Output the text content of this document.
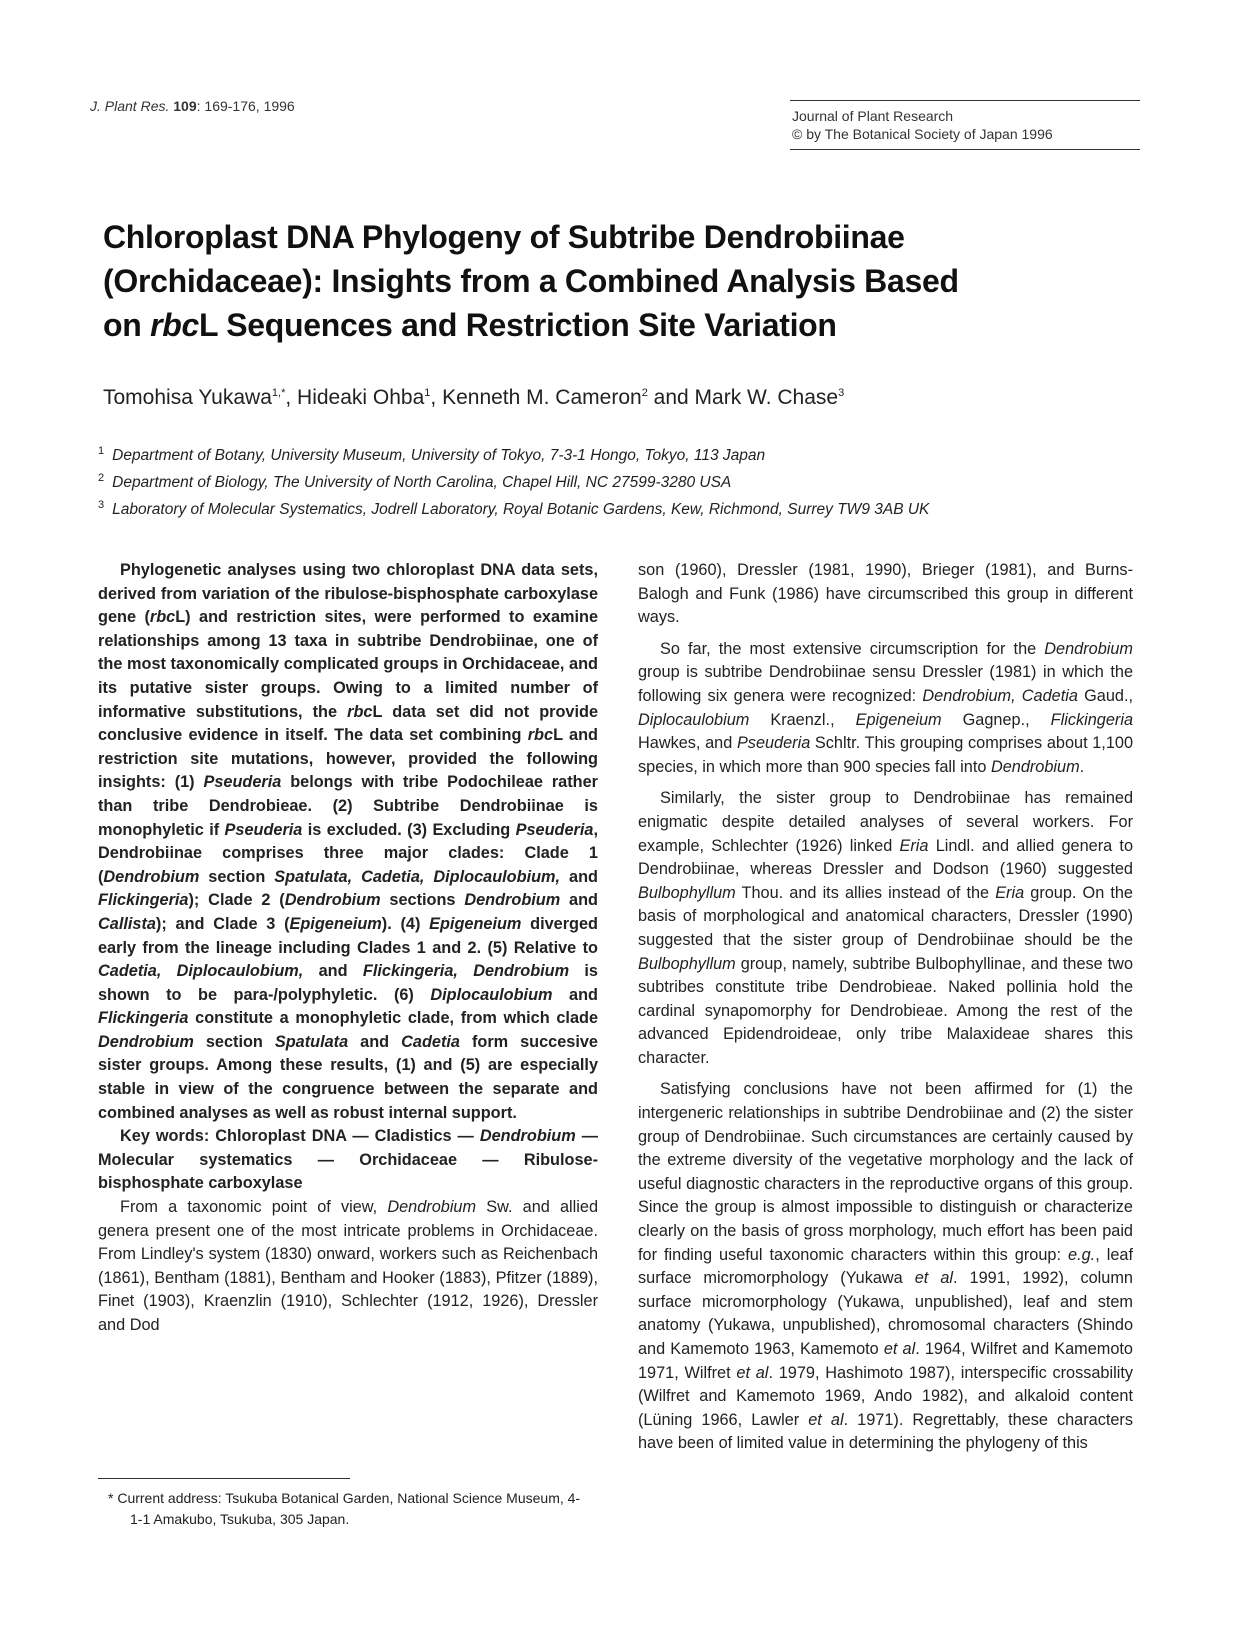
J. Plant Res. 109: 169-176, 1996
Journal of Plant Research
© by The Botanical Society of Japan 1996
Chloroplast DNA Phylogeny of Subtribe Dendrobiinae
(Orchidaceae): Insights from a Combined Analysis Based
on rbcL Sequences and Restriction Site Variation
Tomohisa Yukawa$^{1,*}$, Hideaki Ohba$^1$, Kenneth M. Cameron$^2$ and Mark W. Chase$^3$
$^1$ Department of Botany, University Museum, University of Tokyo, 7-3-1 Hongo, Tokyo, 113 Japan
$^2$ Department of Biology, The University of North Carolina, Chapel Hill, NC 27599-3280 USA
$^3$ Laboratory of Molecular Systematics, Jodrell Laboratory, Royal Botanic Gardens, Kew, Richmond, Surrey TW9 3AB UK

Phylogenetic analyses using two chloroplast DNA data sets, derived from variation of the ribulose-bisphosphate carboxylase gene (rbcL) and restriction sites, were performed to examine relationships among 13 taxa in subtribe Dendrobiinae, one of the most taxonomically complicated groups in Orchidaceae, and its putative sister groups. Owing to a limited number of informative substitutions, the rbcL data set did not provide conclusive evidence in itself. The data set combining rbcL and restriction site mutations, however, provided the following insights: (1) Pseuderia belongs with tribe Podochileae rather than tribe Dendrobieae. (2) Subtribe Dendrobiinae is monophyletic if Pseuderia is excluded. (3) Excluding Pseuderia, Dendrobiinae comprises three major clades: Clade 1 (Dendrobium section Spatulata, Cadetia, Diplocaulobium, and Flickingeria); Clade 2 (Dendrobium sections Dendrobium and Callista); and Clade 3 (Epigeneium). (4) Epigeneium diverged early from the lineage including Clades 1 and 2. (5) Relative to Cadetia, Diplocaulobium, and Flickingeria, Dendrobium is shown to be para-/polyphyletic. (6) Diplocaulobium and Flickingeria constitute a monophyletic clade, from which clade Dendrobium section Spatulata and Cadetia form succesive sister groups. Among these results, (1) and (5) are especially stable in view of the congruence between the separate and combined analyses as well as robust internal support.

Key words: Chloroplast DNA — Cladistics — Dendrobium — Molecular systematics — Orchidaceae — Ribulose-bisphosphate carboxylase

From a taxonomic point of view, Dendrobium Sw. and allied genera present one of the most intricate problems in Orchidaceae. From Lindley's system (1830) onward, workers such as Reichenbach (1861), Bentham (1881), Bentham and Hooker (1883), Pfitzer (1889), Finet (1903), Kraenzlin (1910), Schlechter (1912, 1926), Dressler and Dod

son (1960), Dressler (1981, 1990), Brieger (1981), and Burns-Balogh and Funk (1986) have circumscribed this group in different ways.

So far, the most extensive circumscription for the Dendrobium group is subtribe Dendrobiinae sensu Dressler (1981) in which the following six genera were recognized: Dendrobium, Cadetia Gaud., Diplocaulobium Kraenzl., Epigeneium Gagnep., Flickingeria Hawkes, and Pseuderia Schltr. This grouping comprises about 1,100 species, in which more than 900 species fall into Dendrobium.

Similarly, the sister group to Dendrobiinae has remained enigmatic despite detailed analyses of several workers. For example, Schlechter (1926) linked Eria Lindl. and allied genera to Dendrobiinae, whereas Dressler and Dodson (1960) suggested Bulbophyllum Thou. and its allies instead of the Eria group. On the basis of morphological and anatomical characters, Dressler (1990) suggested that the sister group of Dendrobiinae should be the Bulbophyllum group, namely, subtribe Bulbophyllinae, and these two subtribes constitute tribe Dendrobieae. Naked pollinia hold the cardinal synapomorphy for Dendrobieae. Among the rest of the advanced Epidendroideae, only tribe Malaxideae shares this character.

Satisfying conclusions have not been affirmed for (1) the intergeneric relationships in subtribe Dendrobiinae and (2) the sister group of Dendrobiinae. Such circumstances are certainly caused by the extreme diversity of the vegetative morphology and the lack of useful diagnostic characters in the reproductive organs of this group. Since the group is almost impossible to distinguish or characterize clearly on the basis of gross morphology, much effort has been paid for finding useful taxonomic characters within this group: e.g., leaf surface micromorphology (Yukawa et al. 1991, 1992), column surface micromorphology (Yukawa, unpublished), leaf and stem anatomy (Yukawa, unpublished), chromosomal characters (Shindo and Kamemoto 1963, Kamemoto et al. 1964, Wilfret and Kamemoto 1971, Wilfret et al. 1979, Hashimoto 1987), interspecific crossability (Wilfret and Kamemoto 1969, Ando 1982), and alkaloid content (Lüning 1966, Lawler et al. 1971). Regrettably, these characters have been of limited value in determining the phylogeny of this

* Current address: Tsukuba Botanical Garden, National Science Museum, 4-1-1 Amakubo, Tsukuba, 305 Japan.
